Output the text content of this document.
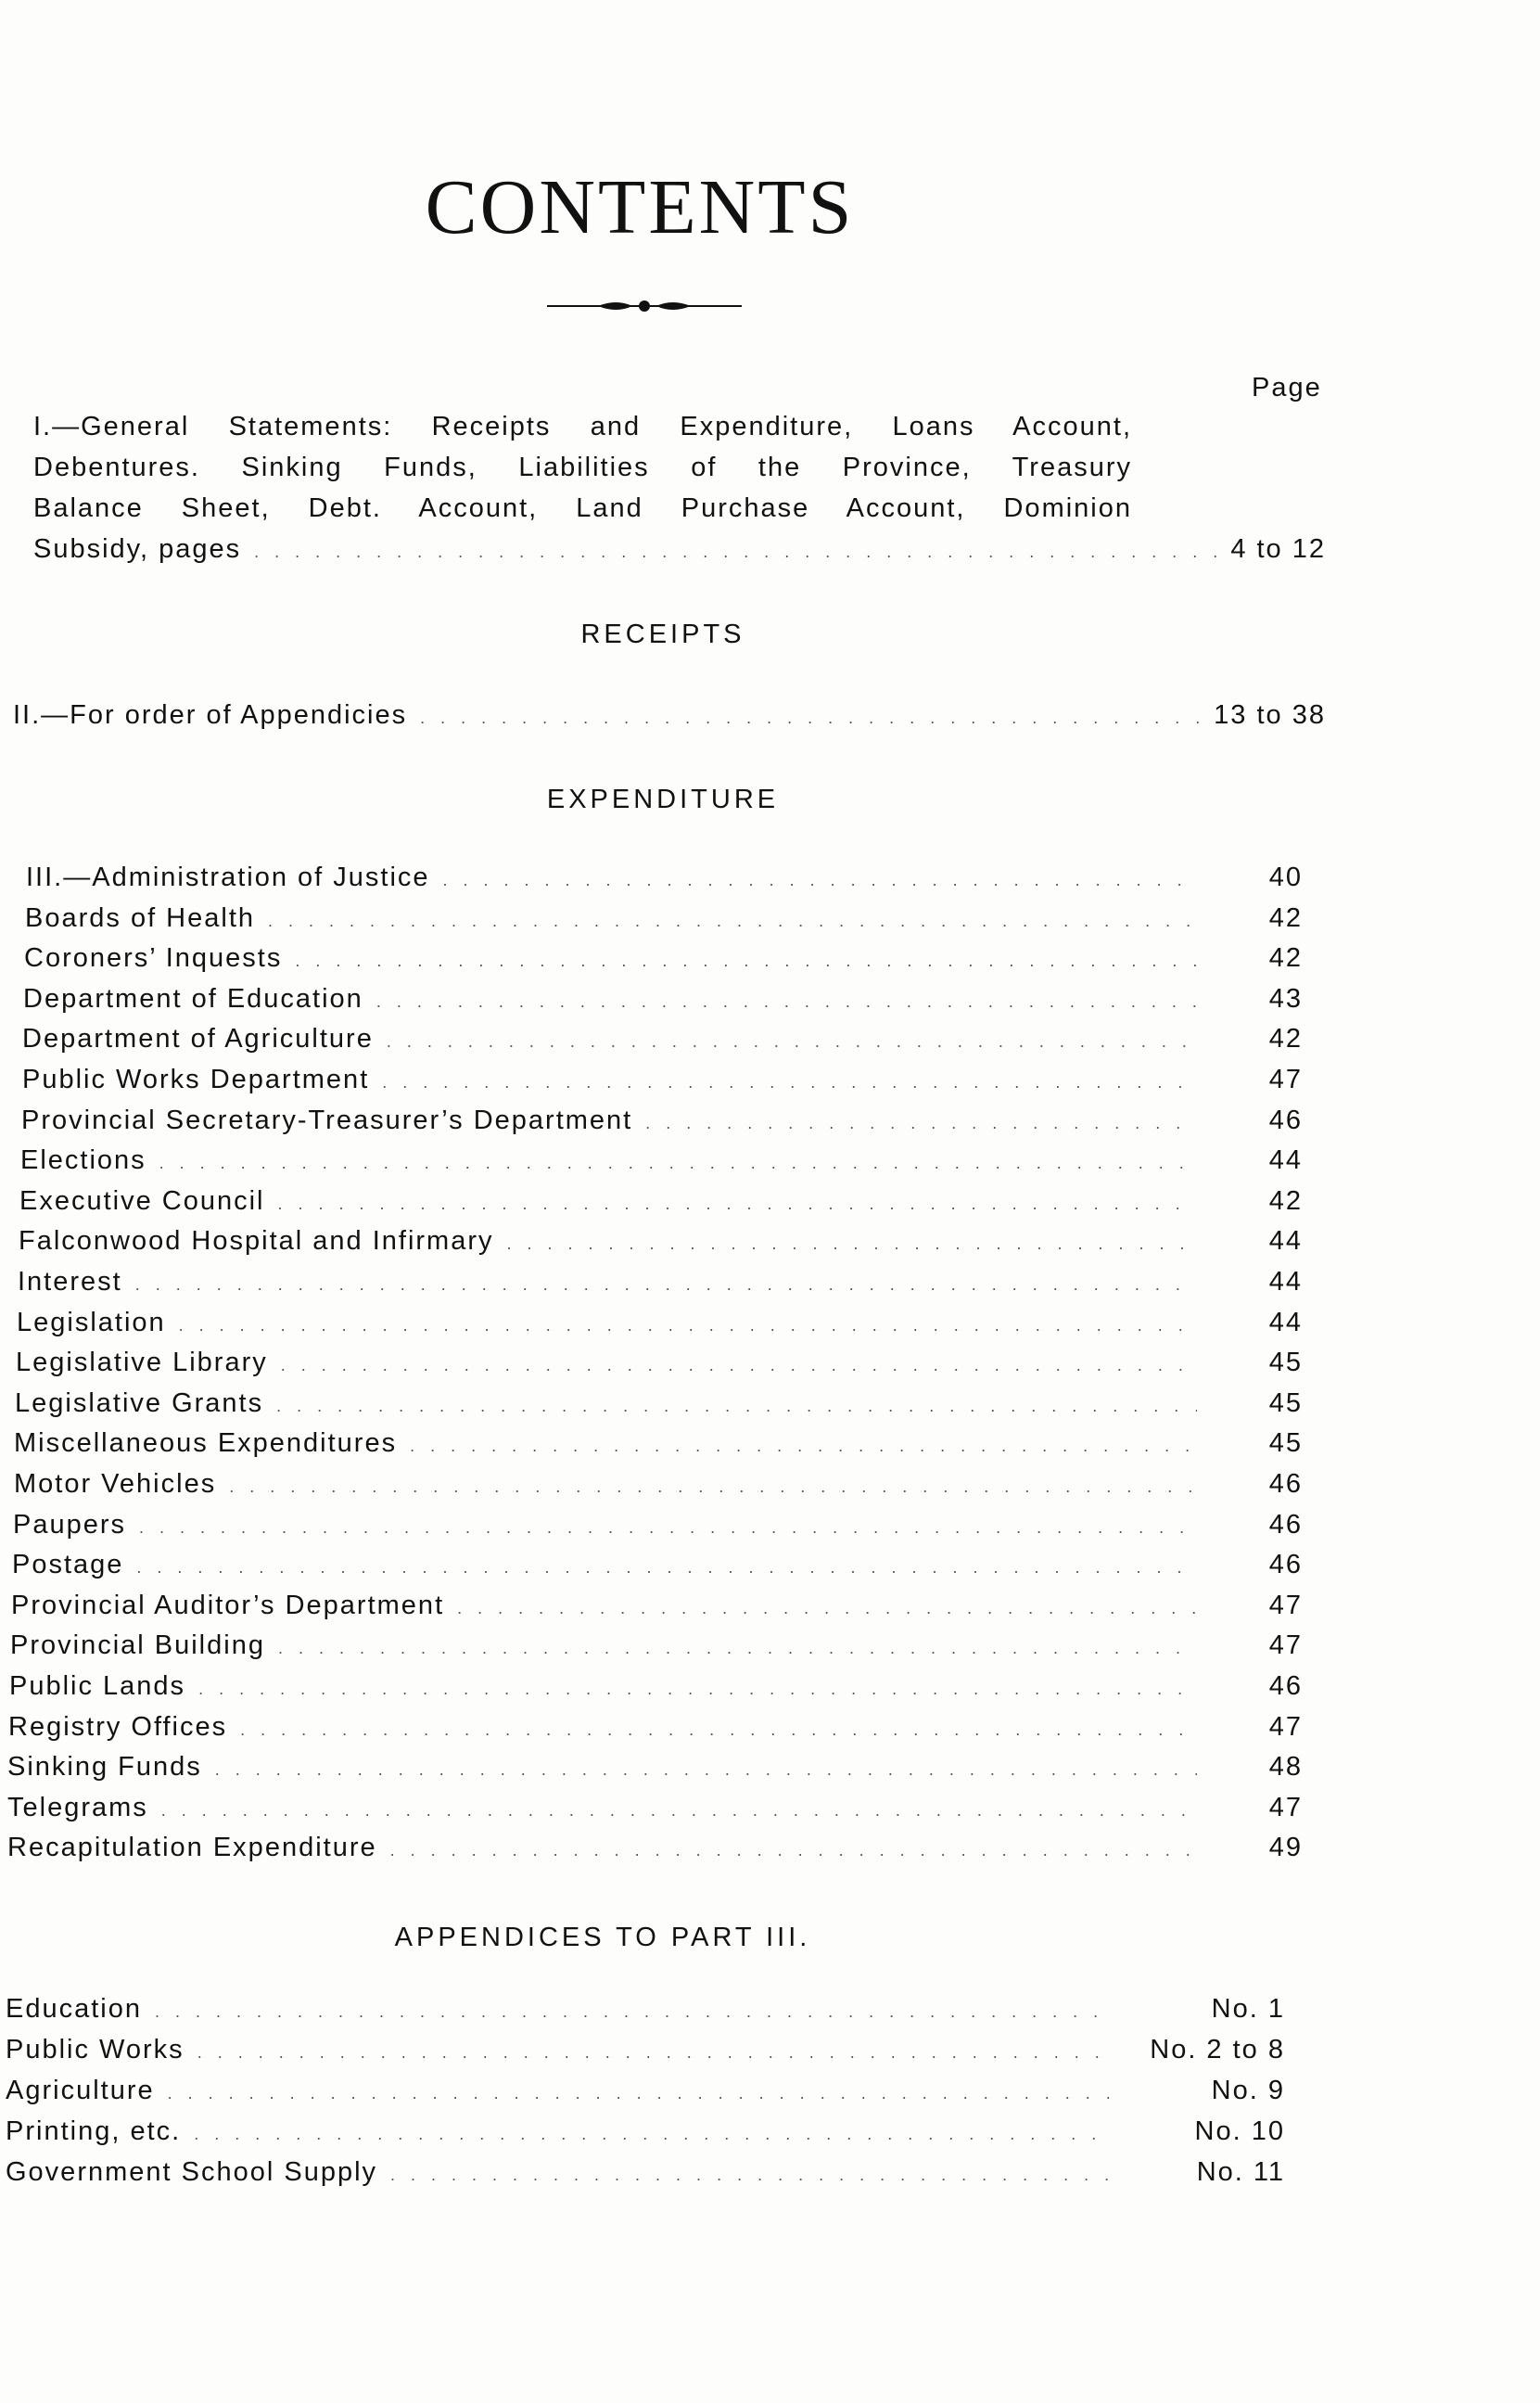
CONTENTS
Page
I.—General Statements: Receipts and Expenditure, Loans Account,
Debentures. Sinking Funds, Liabilities of the Province, Treasury
Balance Sheet, Debt. Account, Land Purchase Account, Dominion
Subsidy, pages . . .	4 to 12
RECEIPTS
II.—For order of Appendicies . . .	13 to 38
EXPENDITURE
III.—Administration of Justice . . .	40
Boards of Health . . .	42
Coroners’ Inquests . . .	42
Department of Education . . .	43
Department of Agriculture . . .	42
Public Works Department . . .	47
Provincial Secretary-Treasurer’s Department . . .	46
Elections . . .	44
Executive Council . . .	42
Falconwood Hospital and Infirmary . . .	44
Interest . . .	44
Legislation . . .	44
Legislative Library . . .	45
Legislative Grants . . .	45
Miscellaneous Expenditures . . .	45
Motor Vehicles . . .	46
Paupers . . .	46
Postage . . .	46
Provincial Auditor’s Department . . .	47
Provincial Building . . .	47
Public Lands . . .	46
Registry Offices . . .	47
Sinking Funds . . .	48
Telegrams . . .	47
Recapitulation Expenditure . . .	49
APPENDICES TO PART III.
Education . . .	No. 1
Public Works . . .	No. 2 to 8
Agriculture . . .	No. 9
Printing, etc. . . .	No. 10
Government School Supply . . .	No. 11
